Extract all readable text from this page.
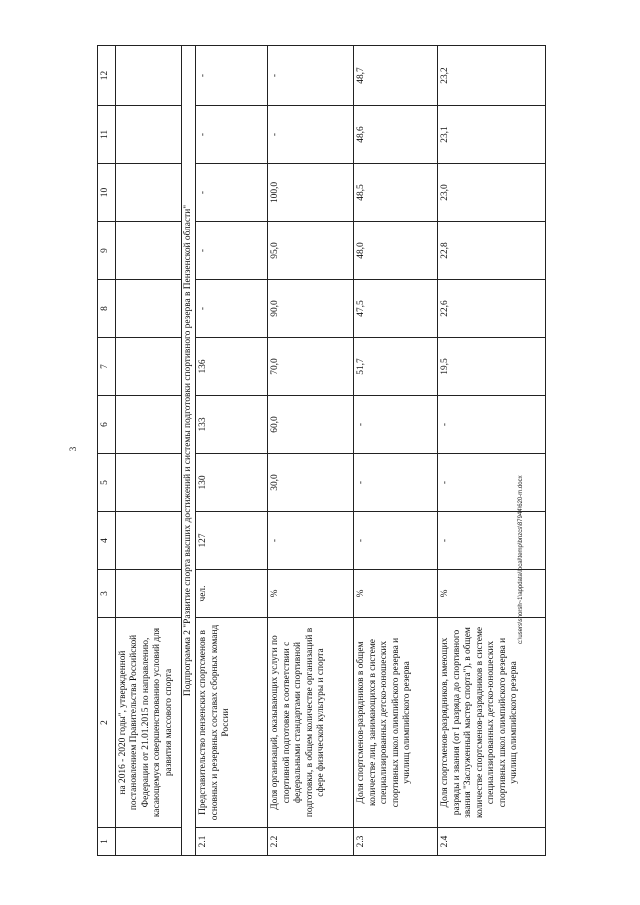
3
1	2	3	4	5	6	7	8	9	10	11	12
	на 2016 - 2020 годы", утвержденной постановлением Правительства Российской Федерации от 21.01.2015 по направлению, касающемуся совершенствованию условий для развития массового спорта										
Подпрограмма 2 "Развитие спорта высших достижений и системы подготовки спортивного резерва в Пензенской области"											
2.1	Представительство пензенских спортсменов в основных и резервных составах сборных команд России	чел.	127	130	133	136	-	-	-	-	-
2.2	Доля организаций, оказывающих услуги по спортивной подготовке в соответствии с федеральными стандартами спортивной подготовки, в общем количестве организаций в сфере физической культуры и спорта	%	-	30,0	60,0	70,0	90,0	95,0	100,0	-	-
2.3	Доля спортсменов-разрядников в общем количестве лиц, занимающихся в системе специализированных детско-юношеских спортивных школ олимпийского резерва и училищ олимпийского резерва	%	-	-	-	51,7	47,5	48,0	48,5	48,6	48,7
2.4	Доля спортсменов-разрядников, имеющих разряды и звания (от I разряда до спортивного звания "Заслуженный мастер спорта"), в общем количестве спортсменов-разрядников в системе специализированных детско-юношеских спортивных школ олимпийского резерва и училищ олимпийского резерва	%	-	-	-	19,5	22,6	22,8	23,0	23,1	23,2
c:\users\shorsh~1\appdata\local\temp\bnzcs\87944\620-m.docx
